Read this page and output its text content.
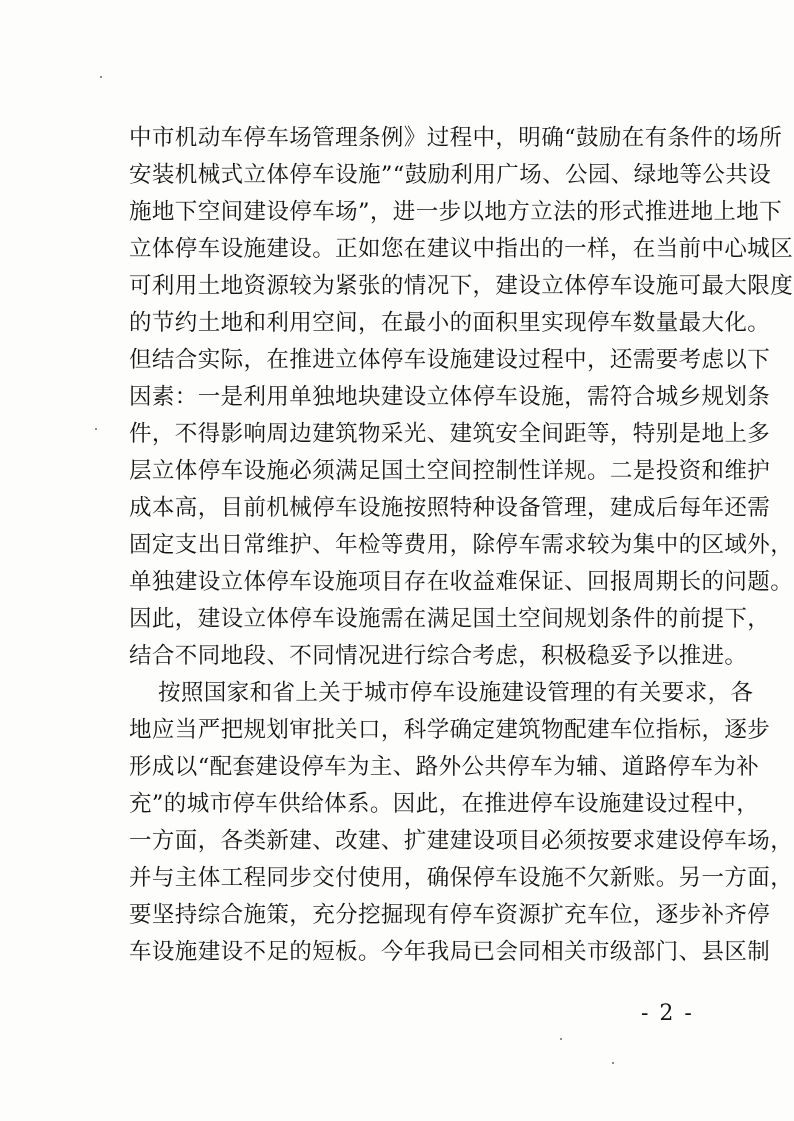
中市机动车停车场管理条例》过程中，明确“鼓励在有条件的场所
安装机械式立体停车设施”“鼓励利用广场、公园、绿地等公共设
施地下空间建设停车场”，进一步以地方立法的形式推进地上地下
立体停车设施建设。正如您在建议中指出的一样，在当前中心城区
可利用土地资源较为紧张的情况下，建设立体停车设施可最大限度
的节约土地和利用空间，在最小的面积里实现停车数量最大化。
但结合实际，在推进立体停车设施建设过程中，还需要考虑以下
因素：一是利用单独地块建设立体停车设施，需符合城乡规划条
件，不得影响周边建筑物采光、建筑安全间距等，特别是地上多
层立体停车设施必须满足国土空间控制性详规。二是投资和维护
成本高，目前机械停车设施按照特种设备管理，建成后每年还需
固定支出日常维护、年检等费用，除停车需求较为集中的区域外，
单独建设立体停车设施项目存在收益难保证、回报周期长的问题。
因此，建设立体停车设施需在满足国土空间规划条件的前提下，
结合不同地段、不同情况进行综合考虑，积极稳妥予以推进。

按照国家和省上关于城市停车设施建设管理的有关要求，各
地应当严把规划审批关口，科学确定建筑物配建车位指标，逐步
形成以“配套建设停车为主、路外公共停车为辅、道路停车为补
充”的城市停车供给体系。因此，在推进停车设施建设过程中，
一方面，各类新建、改建、扩建建设项目必须按要求建设停车场，
并与主体工程同步交付使用，确保停车设施不欠新账。另一方面，
要坚持综合施策，充分挖掘现有停车资源扩充车位，逐步补齐停
车设施建设不足的短板。今年我局已会同相关市级部门、县区制

- 2 -
